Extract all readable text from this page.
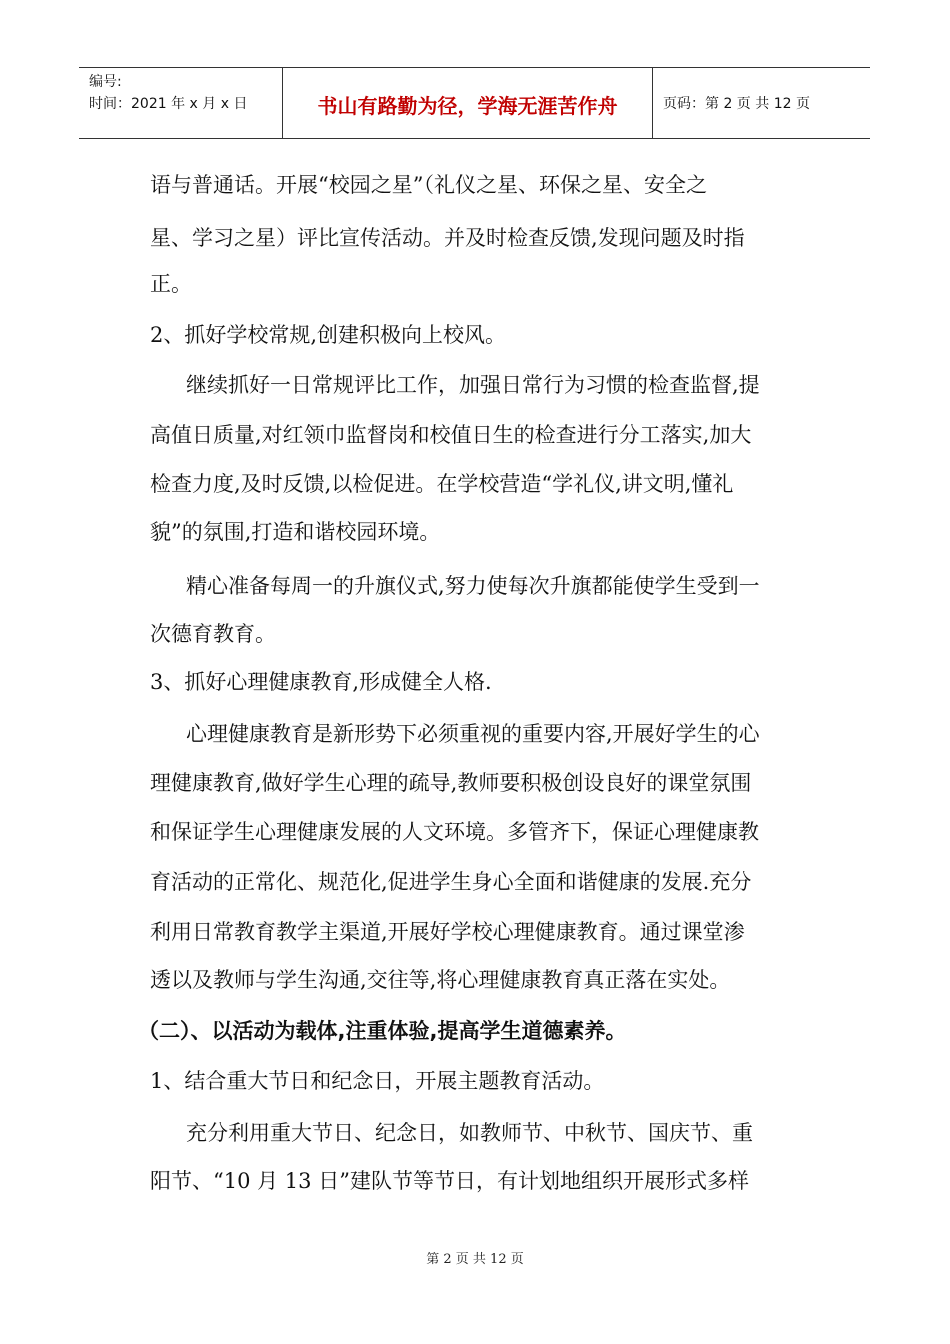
编号:
时间：2021 年 x 月 x 日	书山有路勤为径，学海无涯苦作舟	页码：第 2 页 共 12 页
语与普通话。开展“校园之星”（礼仪之星、环保之星、安全之
星、学习之星）评比宣传活动。并及时检查反馈,发现问题及时指
正。
2、抓好学校常规,创建积极向上校风。
继续抓好一日常规评比工作，加强日常行为习惯的检查监督,提
高值日质量,对红领巾监督岗和校值日生的检查进行分工落实,加大
检查力度,及时反馈,以检促进。在学校营造“学礼仪,讲文明,懂礼
貌”的氛围,打造和谐校园环境。
精心准备每周一的升旗仪式,努力使每次升旗都能使学生受到一
次德育教育。
3、抓好心理健康教育,形成健全人格.
心理健康教育是新形势下必须重视的重要内容,开展好学生的心
理健康教育,做好学生心理的疏导,教师要积极创设良好的课堂氛围
和保证学生心理健康发展的人文环境。多管齐下，保证心理健康教
育活动的正常化、规范化,促进学生身心全面和谐健康的发展.充分
利用日常教育教学主渠道,开展好学校心理健康教育。通过课堂渗
透以及教师与学生沟通,交往等,将心理健康教育真正落在实处。
（二）、以活动为载体,注重体验,提高学生道德素养。
1、结合重大节日和纪念日，开展主题教育活动。
充分利用重大节日、纪念日，如教师节、中秋节、国庆节、重
阳节、“10 月 13 日”建队节等节日，有计划地组织开展形式多样
第 2 页 共 12 页
